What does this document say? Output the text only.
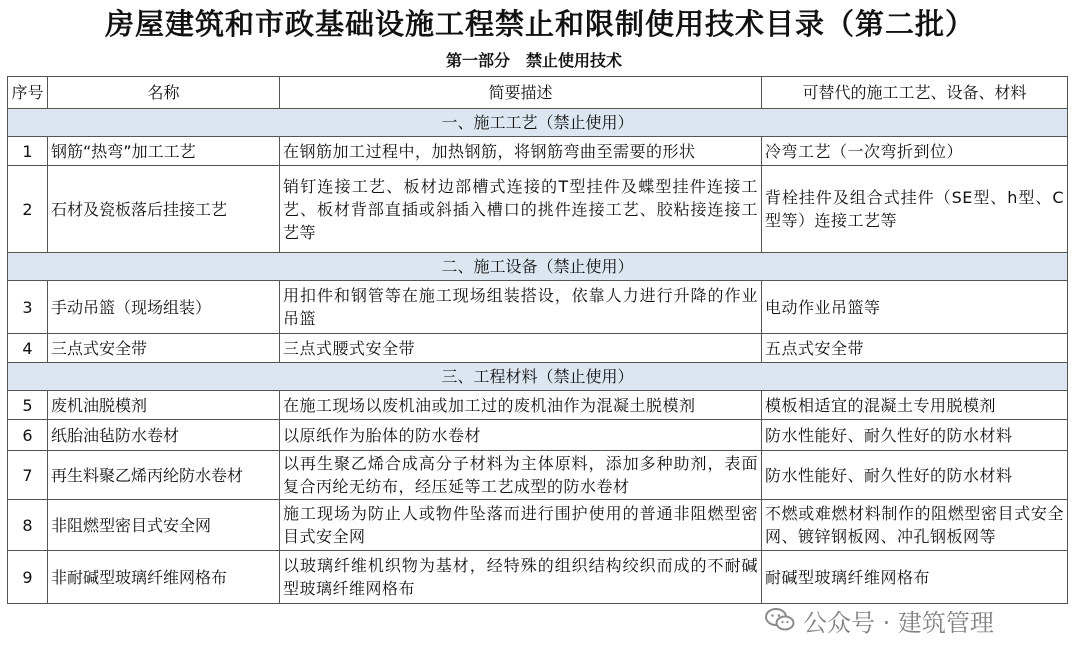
房屋建筑和市政基础设施工程禁止和限制使用技术目录（第二批）
第一部分　禁止使用技术
序号	名称	简要描述	可替代的施工工艺、设备、材料
一、施工工艺（禁止使用）			
1	钢筋“热弯”加工工艺	在钢筋加工过程中，加热钢筋，将钢筋弯曲至需要的形状	冷弯工艺（一次弯折到位）
2	石材及瓷板落后挂接工艺	销钉连接工艺、板材边部槽式连接的T型挂件及蝶型挂件连接工艺、板材背部直插或斜插入槽口的挑件连接工艺、胶粘接连接工艺等	背栓挂件及组合式挂件（SE型、h型、C型等）连接工艺等
二、施工设备（禁止使用）			
3	手动吊篮（现场组装）	用扣件和钢管等在施工现场组装搭设，依靠人力进行升降的作业吊篮	电动作业吊篮等
4	三点式安全带	三点式腰式安全带	五点式安全带
三、工程材料（禁止使用）			
5	废机油脱模剂	在施工现场以废机油或加工过的废机油作为混凝土脱模剂	模板相适宜的混凝土专用脱模剂
6	纸胎油毡防水卷材	以原纸作为胎体的防水卷材	防水性能好、耐久性好的防水材料
7	再生料聚乙烯丙纶防水卷材	以再生聚乙烯合成高分子材料为主体原料，添加多种助剂，表面复合丙纶无纺布，经压延等工艺成型的防水卷材	防水性能好、耐久性好的防水材料
8	非阻燃型密目式安全网	施工现场为防止人或物件坠落而进行围护使用的普通非阻燃型密目式安全网	不燃或难燃材料制作的阻燃型密目式安全网、镀锌钢板网、冲孔钢板网等
9	非耐碱型玻璃纤维网格布	以玻璃纤维机织物为基材，经特殊的组织结构绞织而成的不耐碱型玻璃纤维网格布	耐碱型玻璃纤维网格布
公众号 · 建筑管理
